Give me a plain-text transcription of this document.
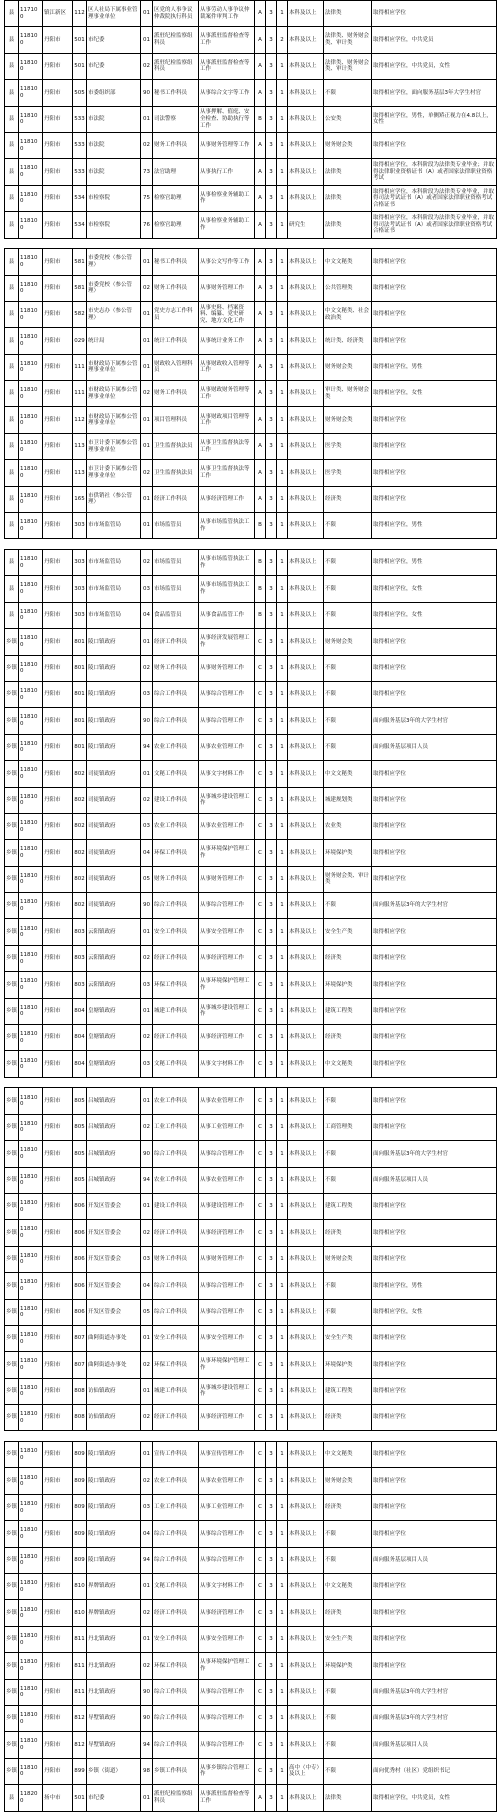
县	11710 0	镇江新区	112	区人社局下属事业管理事业单位	01	区党的人事争议仲裁院执行科员	从事劳动人事争议仲裁案件审判工作	A	3	1	本科及以上	法律类	取得相应学位
县	11810 0	丹阳市	501	市纪委	01	派驻纪检监察组科员	从事派驻监督检查等工作	A	3	2	本科及以上	法律类、财务财会类、审计类	取得相应学位，中共党员
县	11810 0	丹阳市	501	市纪委	02	派驻纪检监察组科员	从事派驻监督检查等工作	A	3	1	本科及以上	法律类、财务财会类、审计类	取得相应学位，中共党员，女性
县	11810 0	丹阳市	505	市委组织部	90	秘书工作科员	从事综合文字等工作	A	3	1	本科及以上	不限	取得相应学位，面向服务基层3年大学生村官
县	11810 0	丹阳市	533	市法院	01	司法警察	从事押解、值庭、安全检查、协助执行等工作	B	3	1	本科及以上	公安类	取得相应学位，男性，单侧矫正视力在4.8以上，女性
县	11810 0	丹阳市	533	市法院	02	财务工作科员	从事财务管理等工作	A	3	1	本科及以上	财务财会类	取得相应学位
县	11810 0	丹阳市	533	市法院	73	法官助理	从事执行工作	A	3	1	本科及以上	法律类	取得相应学位，本科阶段为法律类专业毕业；并取得法律职业资格证书（A）或者国家法律职业资格考试
县	11810 0	丹阳市	534	市检察院	75	检察官助理	从事检察业务辅助工作	A	3	1	本科及以上	法律类	取得相应学位，本科阶段为法律类专业毕业，并取得司法考试证书（A）或者国家法律职业资格考试合格证书
县	11810 0	丹阳市	534	市检察院	76	检察官助理	从事检察业务辅助工作	A	3	1	研究生	法律类	取得相应学位，本科阶段为法律类专业毕业，并取得司法考试证书（A）或者国家法律职业资格考试合格证书

县	11810 0	丹阳市	581	市委党校（参公管理）	01	秘书工作科员	从事公文写作等工作	A	3	1	本科及以上	中文文秘类	取得相应学位
县	11810 0	丹阳市	581	市委党校（参公管理）	02	财务工作科员	从事财务管理工作	A	3	1	本科及以上	公共管理类	取得相应学位
县	11810 0	丹阳市	582	市史志办（参公管理）	01	党史方志工作科员	从事史料、档案资料、编纂、党史研究、地方文化工作	A	3	1	本科及以上	中文文秘类、社会政治类	取得相应学位
县	11810 0	丹阳市	029	统计局	01	统计工作科员	从事统计业务工作	A	3	1	本科及以上	统计类、经济类	取得相应学位
县	11810 0	丹阳市	111	市财政局下属参公管理事业单位	01	财政收入管理科员	从事财政收入管理等工作	A	3	1	本科及以上	财务财会类	取得相应学位，男性
县	11810 0	丹阳市	111	市财政局下属参公管理事业单位	02	财务工作科员	从事财政财务管理等工作	A	3	1	本科及以上	审计类、财务财会类	取得相应学位，女性
县	11810 0	丹阳市	112	市财政局下属参公管理事业单位	01	项目管理科员	从事财政项目管理等工作	A	3	1	本科及以上	财务财会类	取得相应学位
县	11810 0	丹阳市	113	市卫计委下属参公管理事业单位	01	卫生监督执法员	从事卫生监督执法等工作	A	3	1	本科及以上	医学类	取得相应学位
县	11810 0	丹阳市	113	市卫计委下属参公管理事业单位	02	卫生监督执法员	从事卫生监督执法等工作	A	3	1	本科及以上	医学类	取得相应学位
县	11810 0	丹阳市	165	市供销社（参公管理）	01	经济工作科员	从事经济管理工作	A	3	1	本科及以上	经济类	取得相应学位
县	11810 0	丹阳市	303	市市场监管局	01	市场监管员	从事市场监管执法工作	B	3	1	本科及以上	不限	取得相应学位，男性

县	11810 0	丹阳市	303	市市场监管局	02	市场监管员	从事市场监管执法工作	B	3	1	本科及以上	不限	取得相应学位，男性
县	11810 0	丹阳市	303	市市场监管局	03	市场监管员	从事市场监管执法工作	B	3	1	本科及以上	不限	取得相应学位，女性
县	11810 0	丹阳市	303	市市场监管局	04	食品监管员	从事食品监管工作	B	3	1	本科及以上	不限	取得相应学位，女性
乡镇	11810 0	丹阳市	801	陵口镇政府	01	经济工作科员	从事经济发展管理工作	C	3	1	本科及以上	财务财会类	取得相应学位
乡镇	11810 0	丹阳市	801	陵口镇政府	02	财务工作科员	从事财务管理工作	C	3	1	本科及以上	不限	取得相应学位
乡镇	11810 0	丹阳市	801	陵口镇政府	03	综合工作科员	从事综合管理工作	C	3	1	本科及以上	不限	取得相应学位
乡镇	11810 0	丹阳市	801	陵口镇政府	90	综合工作科员	从事综合管理工作	C	3	1	本科及以上	不限	面向服务基层3年的大学生村官
乡镇	11810 0	丹阳市	801	陵口镇政府	94	农业工作科员	从事农业管理工作	C	3	1	本科及以上	不限	面向服务基层项目人员
乡镇	11810 0	丹阳市	802	司徒镇政府	01	文秘工作科员	从事文字材料工作	C	3	1	本科及以上	中文文秘类	取得相应学位
乡镇	11810 0	丹阳市	802	司徒镇政府	02	建设工作科员	从事城乡建设管理工作	C	3	1	本科及以上	城建规划类	取得相应学位
乡镇	11810 0	丹阳市	802	司徒镇政府	03	农业工作科员	从事农业管理工作	C	3	1	本科及以上	农业类	取得相应学位
乡镇	11810 0	丹阳市	802	司徒镇政府	04	环保工作科员	从事环境保护管理工作	C	3	1	本科及以上	环境保护类	取得相应学位
乡镇	11810 0	丹阳市	802	司徒镇政府	05	财务工作科员	从事财务管理工作	C	3	1	本科及以上	财务财会类、审计类	取得相应学位
乡镇	11810 0	丹阳市	802	司徒镇政府	90	综合工作科员	从事综合管理工作	C	3	1	本科及以上	不限	面向服务基层3年的大学生村官
乡镇	11810 0	丹阳市	803	云阳镇政府	01	安全工作科员	从事安全管理工作	C	3	1	本科及以上	安全生产类	取得相应学位
乡镇	11810 0	丹阳市	803	云阳镇政府	02	经济工作科员	从事经济管理工作	C	3	1	本科及以上	经济类	取得相应学位
乡镇	11810 0	丹阳市	803	云阳镇政府	03	环保工作科员	从事环境保护管理工作	C	3	1	本科及以上	环境保护类	取得相应学位
乡镇	11810 0	丹阳市	804	皇塘镇政府	01	城建工作科员	从事城乡建设管理工作	C	3	1	本科及以上	建筑工程类	取得相应学位
乡镇	11810 0	丹阳市	804	皇塘镇政府	02	经济工作科员	从事经济管理工作	C	3	1	本科及以上	经济类	取得相应学位
乡镇	11810 0	丹阳市	804	皇塘镇政府	03	文秘工作科员	从事文字材料工作	C	3	1	本科及以上	中文文秘类	取得相应学位

乡镇	11810 0	丹阳市	805	吕城镇政府	01	农业工作科员	从事农业管理工作	C	3	1	本科及以上	不限	取得相应学位
乡镇	11810 0	丹阳市	805	吕城镇政府	02	工业工作科员	从事工业管理工作	C	3	1	本科及以上	工商管理类	取得相应学位
乡镇	11810 0	丹阳市	805	吕城镇政府	90	综合工作科员	从事综合管理工作	C	3	1	本科及以上	不限	面向服务基层3年的大学生村官
乡镇	11810 0	丹阳市	805	吕城镇政府	94	农业工作科员	从事农业管理工作	C	3	1	本科及以上	不限	面向服务基层项目人员
乡镇	11810 0	丹阳市	806	开发区管委会	01	建设工作科员	从事建设管理工作	C	3	1	本科及以上	建筑工程类	取得相应学位
乡镇	11810 0	丹阳市	806	开发区管委会	02	经济工作科员	从事经济管理工作	C	3	1	本科及以上	经济类	取得相应学位
乡镇	11810 0	丹阳市	806	开发区管委会	03	财务工作科员	从事财务管理工作	C	3	1	本科及以上	财务财会类	取得相应学位
乡镇	11810 0	丹阳市	806	开发区管委会	04	综合工作科员	从事综合管理工作	C	3	1	本科及以上	不限	取得相应学位，男性
乡镇	11810 0	丹阳市	806	开发区管委会	05	综合工作科员	从事综合管理工作	C	3	1	本科及以上	不限	取得相应学位，女性
乡镇	11810 0	丹阳市	807	曲阿街道办事处	01	安全工作科员	从事安全管理工作	C	3	1	本科及以上	安全生产类	取得相应学位
乡镇	11810 0	丹阳市	807	曲阿街道办事处	02	环保工作科员	从事环境保护管理工作	C	3	1	本科及以上	环境保护类	取得相应学位
乡镇	11810 0	丹阳市	808	访仙镇政府	01	城建工作科员	从事城乡建设管理工作	C	3	1	本科及以上	建筑工程类	取得相应学位
乡镇	11810 0	丹阳市	808	访仙镇政府	02	经济工作科员	从事经济管理工作	C	3	1	本科及以上	经济类	取得相应学位

乡镇	11810 0	丹阳市	809	陵口镇政府	01	宣传工作科员	从事宣传管理工作	C	3	1	本科及以上	中文文秘类	取得相应学位
乡镇	11810 0	丹阳市	809	陵口镇政府	02	农业工作科员	从事农业管理工作	C	3	1	本科及以上	财务财会类	取得相应学位
乡镇	11810 0	丹阳市	809	陵口镇政府	03	工业工作科员	从事工业管理工作	C	3	1	本科及以上	经济类	取得相应学位
乡镇	11810 0	丹阳市	809	陵口镇政府	04	综合工作科员	从事综合管理工作	C	3	1	本科及以上	不限	取得相应学位
乡镇	11810 0	丹阳市	809	陵口镇政府	94	综合工作科员	从事综合管理工作	C	3	1	本科及以上	不限	面向服务基层项目人员
乡镇	11810 0	丹阳市	810	界牌镇政府	01	文秘工作科员	从事文字材料工作	C	3	1	本科及以上	中文文秘类	取得相应学位
乡镇	11810 0	丹阳市	810	界牌镇政府	02	经济工作科员	从事经济管理工作	C	3	1	本科及以上	经济类	取得相应学位
乡镇	11810 0	丹阳市	811	丹北镇政府	01	安全工作科员	从事安全管理工作	C	3	1	本科及以上	安全生产类	取得相应学位
乡镇	11810 0	丹阳市	811	丹北镇政府	02	环保工作科员	从事环境保护管理工作	C	3	1	本科及以上	环境保护类	取得相应学位
乡镇	11810 0	丹阳市	811	丹北镇政府	90	综合工作科员	从事综合管理工作	C	3	1	本科及以上	不限	面向服务基层3年的大学生村官
乡镇	11810 0	丹阳市	812	导墅镇政府	90	综合工作科员	从事综合管理工作	C	3	1	本科及以上	不限	面向服务基层3年的大学生村官
乡镇	11810 0	丹阳市	812	导墅镇政府	94	综合工作科员	从事综合管理工作	C	3	1	本科及以上	不限	面向服务基层项目人员
乡镇	11810 0	丹阳市	899	乡镇（街道）	98	乡镇工作科员	从事乡镇综合管理工作	C	3	1	高中（中专）及以上	不限	面向优秀村（社区）党组织书记
县	11820 0	扬中市	501	市纪委	01	派驻纪检监察组科员	从事派驻监督检查等工作	A	3	1	本科及以上	法律类	取得相应学位，中共党员，女性
